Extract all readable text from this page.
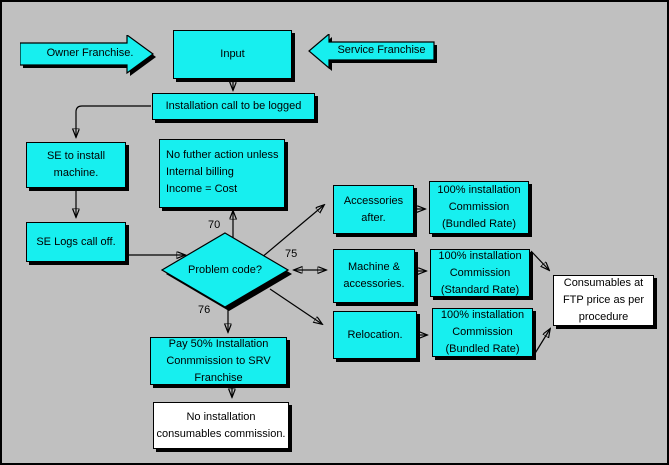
Owner Franchise.	Input	Service Franchise
Installation call to be logged
SE to install machine.
No futher action unless
Internal billing
Income = Cost
SE Logs call off.
Problem code?
70
75
76
Accessories after.
100% installation Commission (Bundled Rate)
Machine & accessories.
100% installation Commission (Standard Rate)
Relocation.
100% installation Commission (Bundled Rate)
Consumables at FTP price as per procedure
Pay 50% Installation Conmmission to SRV Franchise
No installation consumables commission.
